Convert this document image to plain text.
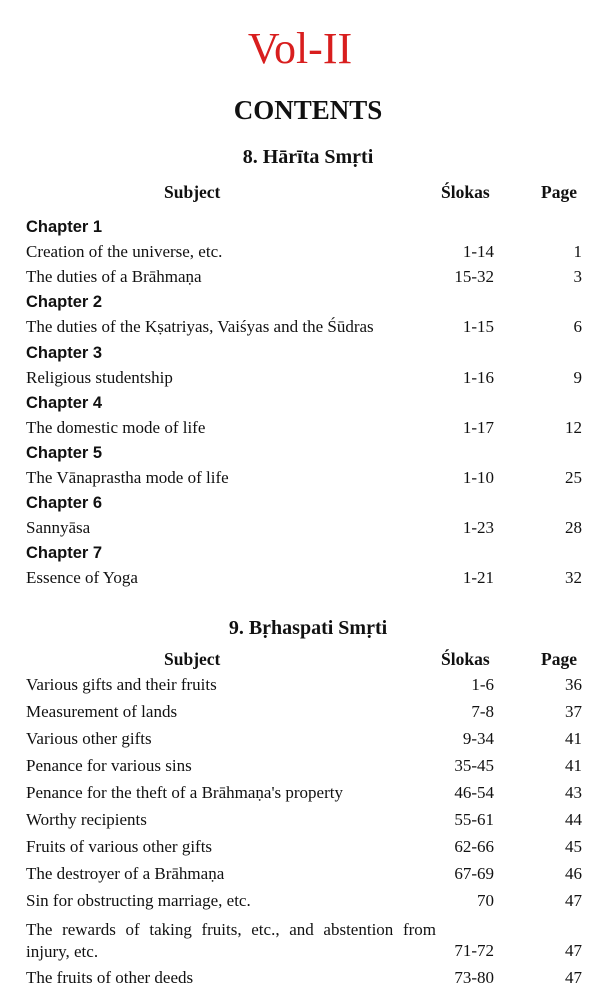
Vol-II
CONTENTS
8. Hārīta Smṛti
Subject	Ślokas	Page
Chapter 1
Creation of the universe, etc.	1-14	1
The duties of a Brāhmaṇa	15-32	3
Chapter 2
The duties of the Kṣatriyas, Vaiśyas and the Śūdras	1-15	6
Chapter 3
Religious studentship	1-16	9
Chapter 4
The domestic mode of life	1-17	12
Chapter 5
The Vānaprastha mode of life	1-10	25
Chapter 6
Sannyāsa	1-23	28
Chapter 7
Essence of Yoga	1-21	32
9. Bṛhaspati Smṛti
Subject	Ślokas	Page
Various gifts and their fruits	1-6	36
Measurement of lands	7-8	37
Various other gifts	9-34	41
Penance for various sins	35-45	41
Penance for the theft of a Brāhmaṇa's property	46-54	43
Worthy recipients	55-61	44
Fruits of various other gifts	62-66	45
The destroyer of a Brāhmaṇa	67-69	46
Sin for obstructing marriage, etc.	70	47
The rewards of taking fruits, etc., and abstention from injury, etc.	71-72	47
The fruits of other deeds	73-80	47
